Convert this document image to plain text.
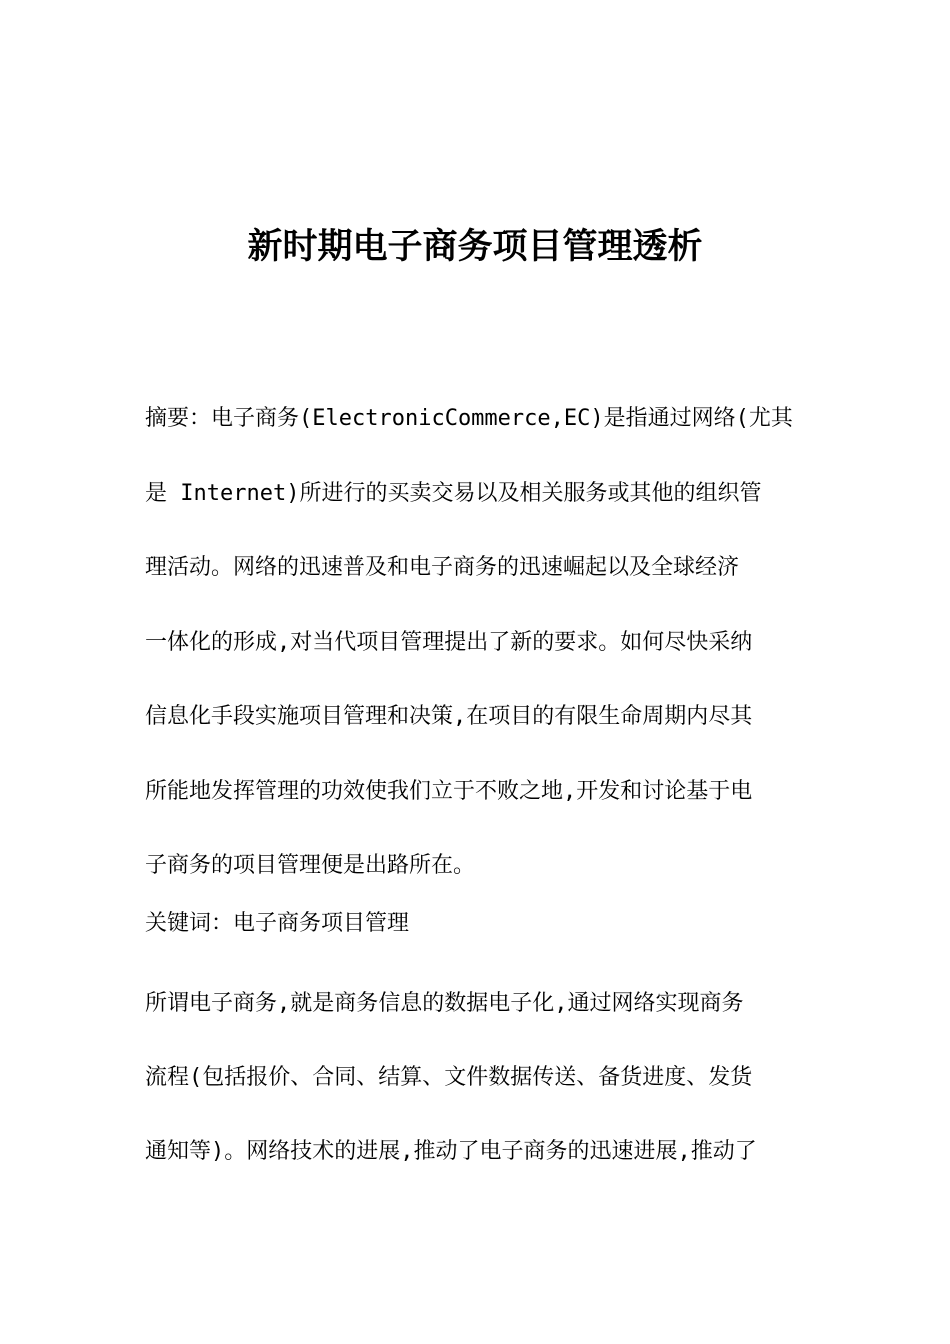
新时期电子商务项目管理透析
摘要：电子商务(ElectronicCommerce,EC)是指通过网络(尤其
是 Internet)所进行的买卖交易以及相关服务或其他的组织管
理活动。网络的迅速普及和电子商务的迅速崛起以及全球经济
一体化的形成,对当代项目管理提出了新的要求。如何尽快采纳
信息化手段实施项目管理和决策,在项目的有限生命周期内尽其
所能地发挥管理的功效使我们立于不败之地,开发和讨论基于电
子商务的项目管理便是出路所在。
关键词：电子商务项目管理
所谓电子商务,就是商务信息的数据电子化,通过网络实现商务
流程(包括报价、合同、结算、文件数据传送、备货进度、发货
通知等)。网络技术的进展,推动了电子商务的迅速进展,推动了
